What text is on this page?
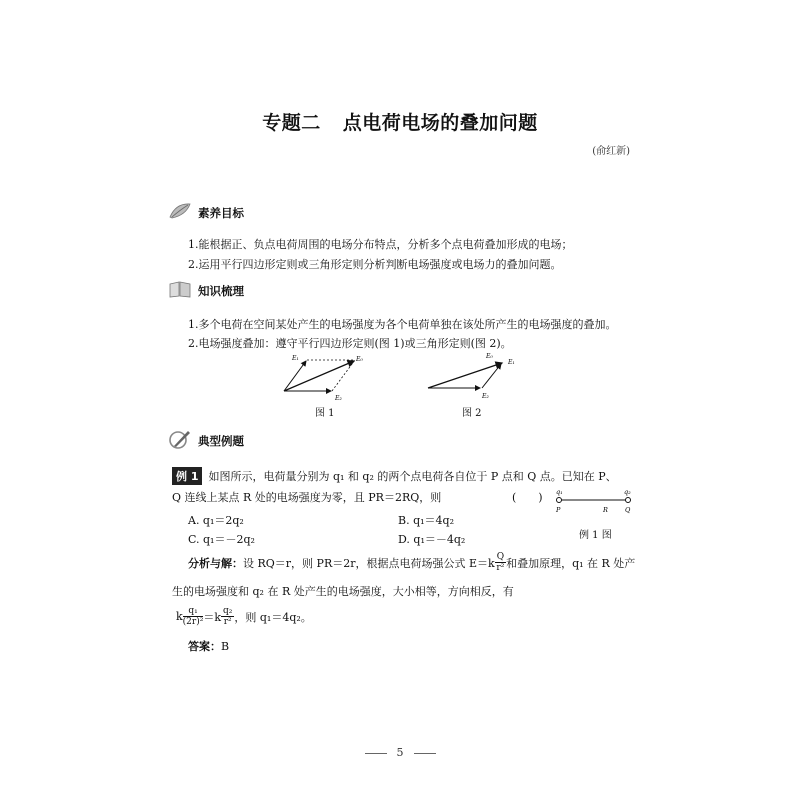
专题二 点电荷电场的叠加问题
(俞红新)
素养目标
1.能根据正、负点电荷周围的电场分布特点，分析多个点电荷叠加形成的电场；
2.运用平行四边形定则或三角形定则分析判断电场强度或电场力的叠加问题。
知识梳理
1.多个电荷在空间某处产生的电场强度为各个电荷单独在该处所产生的电场强度的叠加。
2.电场强度叠加：遵守平行四边形定则(图 1)或三角形定则(图 2)。
E₁
E₂
E₀
图 1
E₀
E₁
E₂
图 2
典型例题
例 1 如图所示，电荷量分别为 q₁ 和 q₂ 的两个点电荷各自位于 P 点和 Q 点。已知在 P、
Q 连线上某点 R 处的电场强度为零，且 PR＝2RQ，则	(　　)
A. q₁＝2q₂	B. q₁＝4q₂
C. q₁＝－2q₂	D. q₁＝－4q₂
q₁	q₂
P	R	Q
例 1 图
分析与解： 设 RQ＝r，则 PR＝2r，根据点电荷场强公式 $E=k \frac{Q}{\text{r²}}$ 和叠加原理，q₁ 在 R 处产
生的电场强度和 q₂ 在 R 处产生的电场强度，大小相等，方向相反，有
k $\frac{\text{q₁}}{\text{(2r)²}} =k \frac{\text{q₂}}{\text{r²}}$ ，则 q₁＝4q₂。
答案：B
5
